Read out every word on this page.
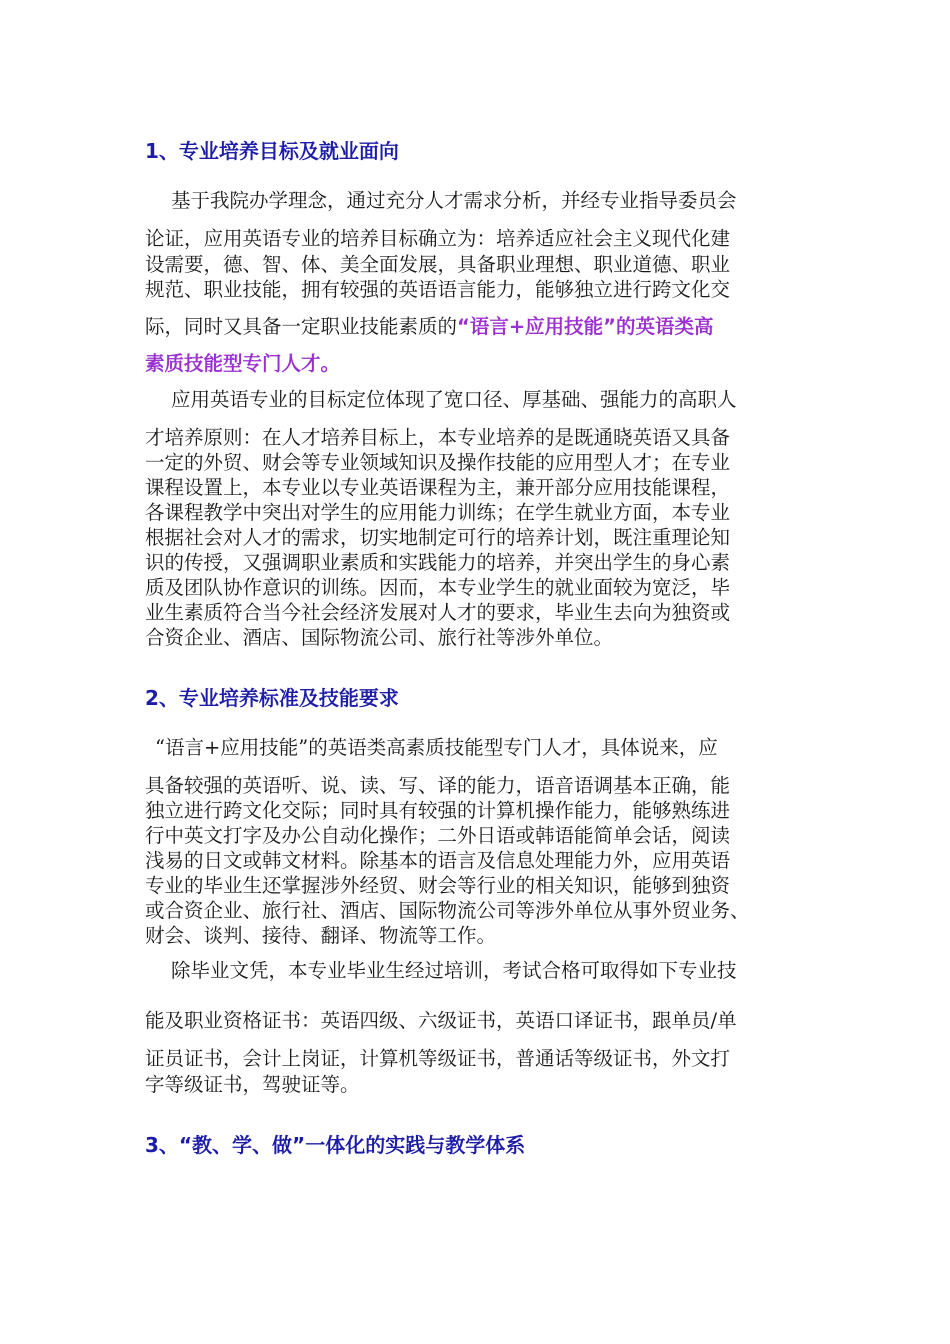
1、专业培养目标及就业面向
基于我院办学理念，通过充分人才需求分析，并经专业指导委员会
论证，应用英语专业的培养目标确立为：培养适应社会主义现代化建
设需要，德、智、体、美全面发展，具备职业理想、职业道德、职业
规范、职业技能，拥有较强的英语语言能力，能够独立进行跨文化交
际，同时又具备一定职业技能素质的“语言+应用技能”的英语类高
素质技能型专门人才。
应用英语专业的目标定位体现了宽口径、厚基础、强能力的高职人
才培养原则：在人才培养目标上，本专业培养的是既通晓英语又具备
一定的外贸、财会等专业领域知识及操作技能的应用型人才；在专业
课程设置上，本专业以专业英语课程为主，兼开部分应用技能课程，
各课程教学中突出对学生的应用能力训练；在学生就业方面，本专业
根据社会对人才的需求，切实地制定可行的培养计划，既注重理论知
识的传授，又强调职业素质和实践能力的培养，并突出学生的身心素
质及团队协作意识的训练。因而，本专业学生的就业面较为宽泛，毕
业生素质符合当今社会经济发展对人才的要求，毕业生去向为独资或
合资企业、酒店、国际物流公司、旅行社等涉外单位。
2、专业培养标准及技能要求
“语言+应用技能”的英语类高素质技能型专门人才，具体说来，应
具备较强的英语听、说、读、写、译的能力，语音语调基本正确，能
独立进行跨文化交际；同时具有较强的计算机操作能力，能够熟练进
行中英文打字及办公自动化操作；二外日语或韩语能简单会话，阅读
浅易的日文或韩文材料。除基本的语言及信息处理能力外，应用英语
专业的毕业生还掌握涉外经贸、财会等行业的相关知识，能够到独资
或合资企业、旅行社、酒店、国际物流公司等涉外单位从事外贸业务、
财会、谈判、接待、翻译、物流等工作。
除毕业文凭，本专业毕业生经过培训，考试合格可取得如下专业技
能及职业资格证书：英语四级、六级证书，英语口译证书，跟单员/单
证员证书，会计上岗证，计算机等级证书，普通话等级证书，外文打
字等级证书，驾驶证等。
3、“教、学、做”一体化的实践与教学体系
